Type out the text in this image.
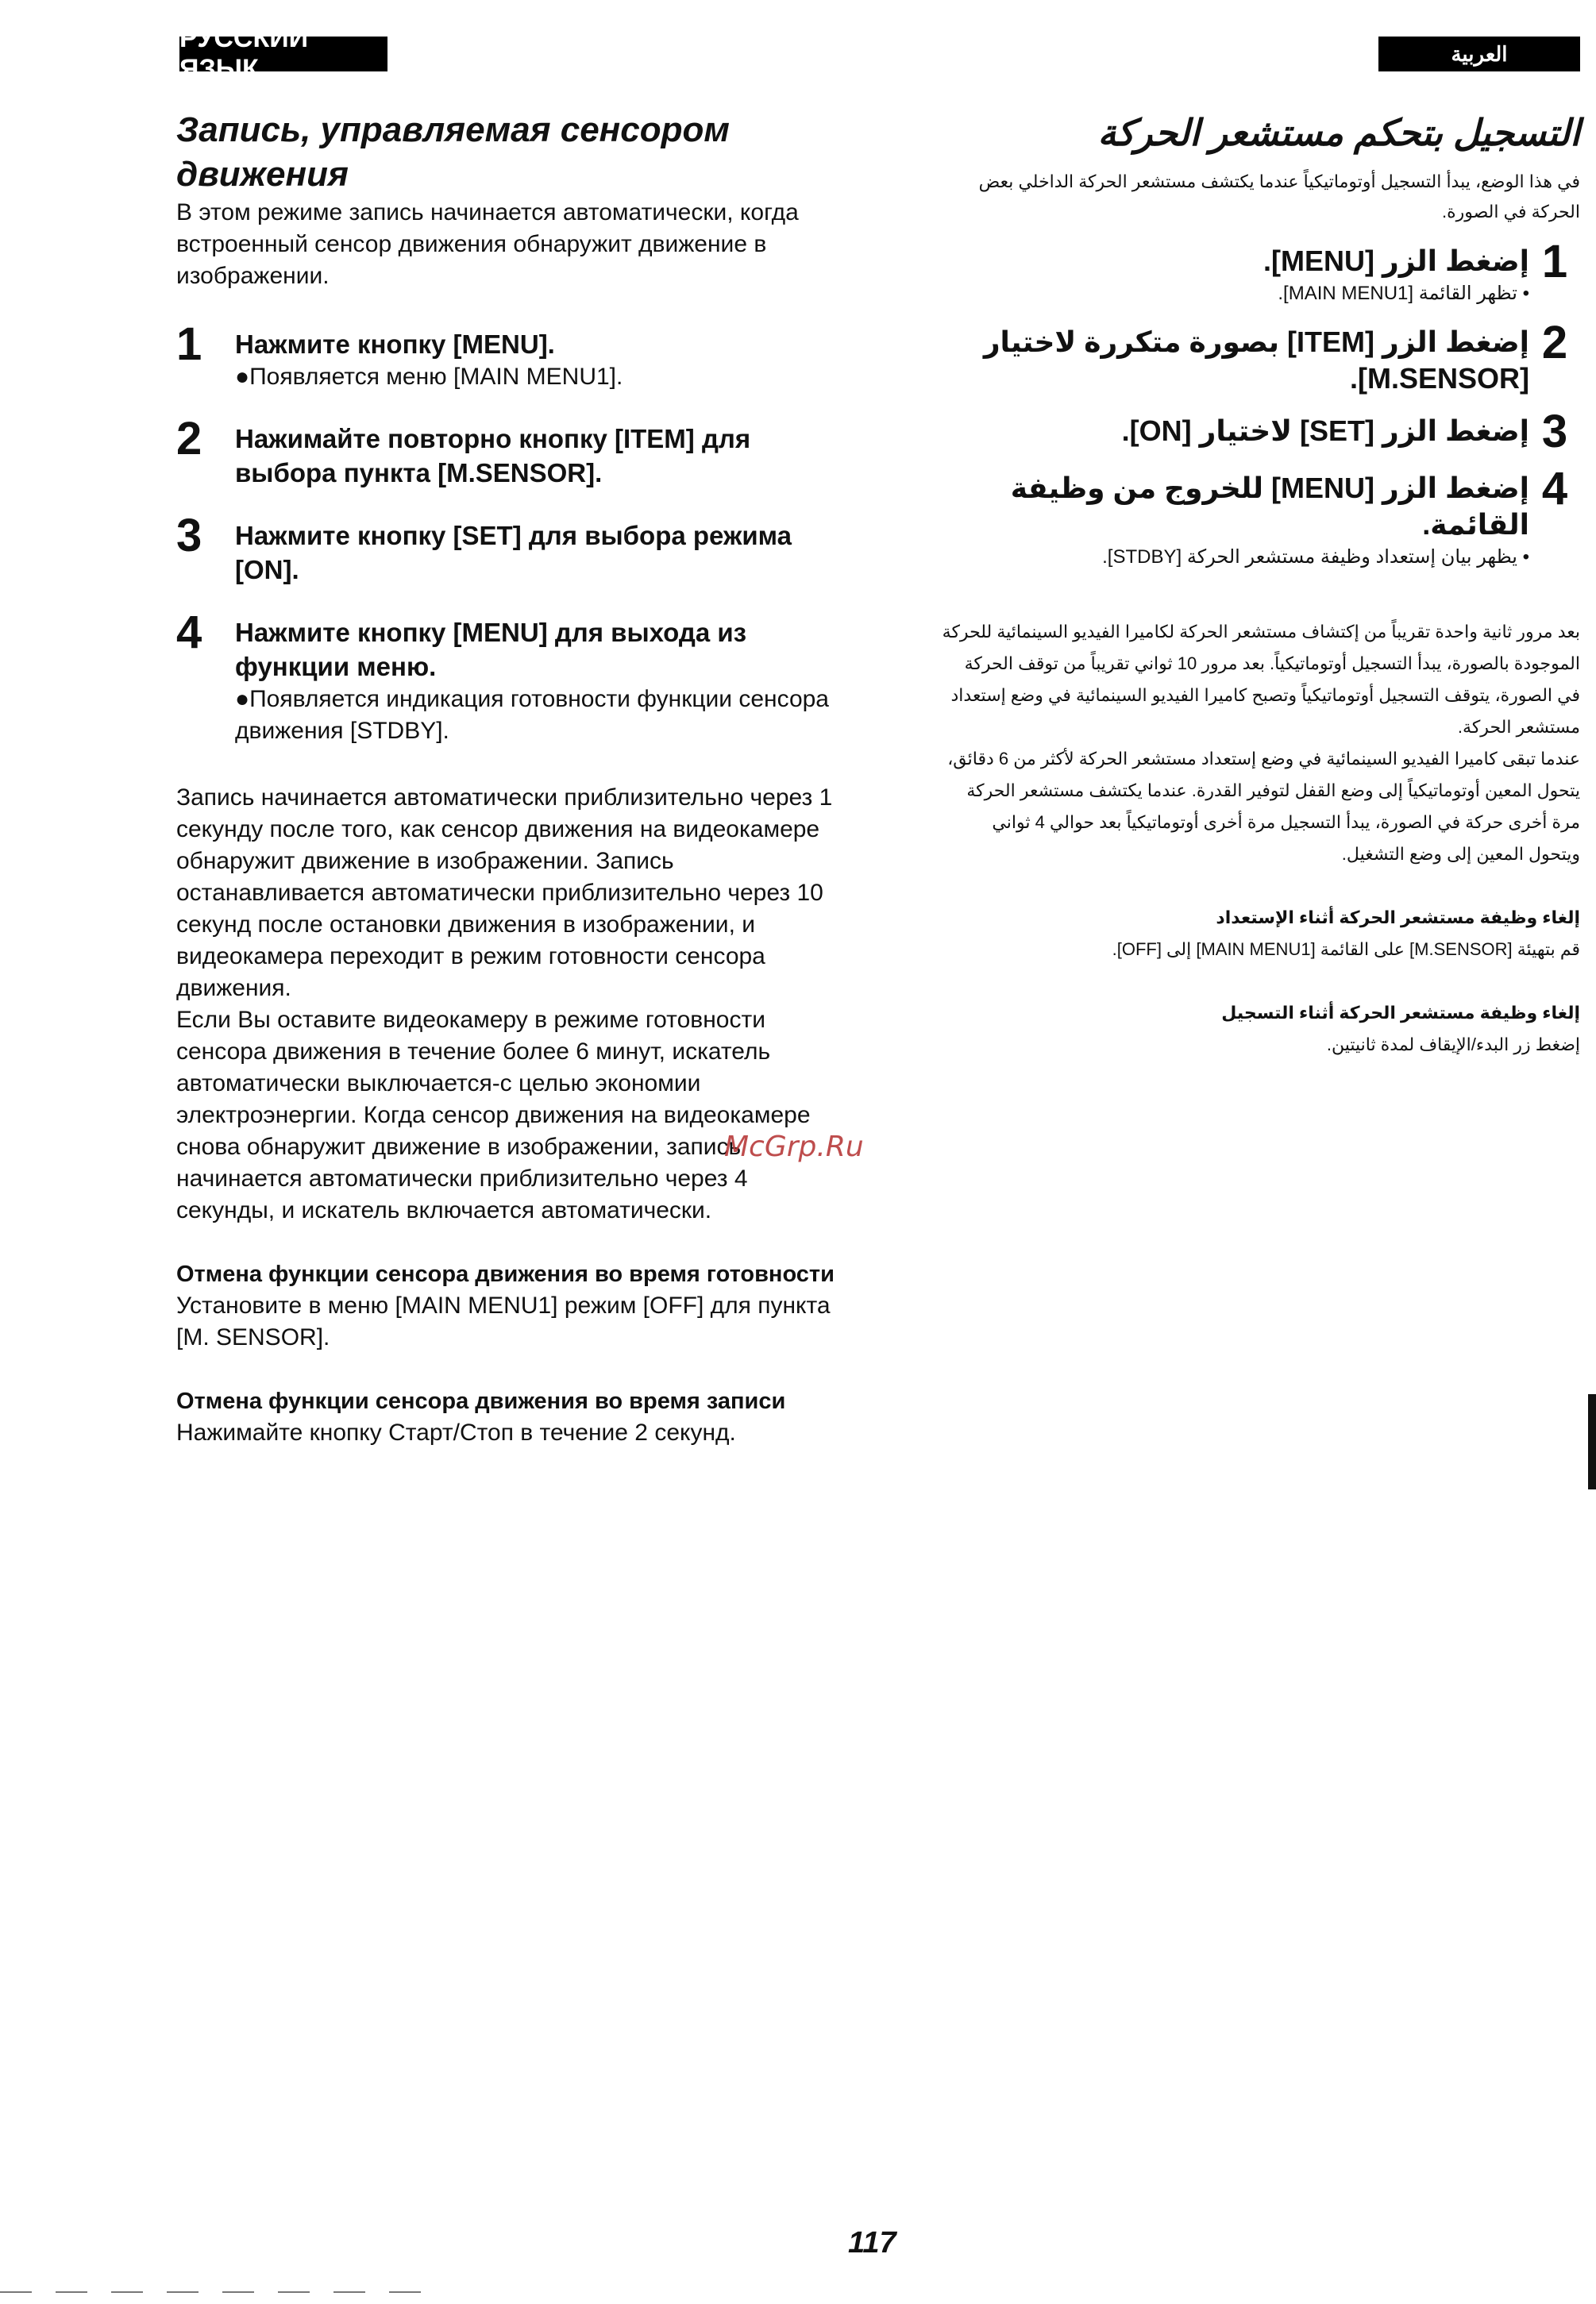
РУССКИЙ ЯЗЫК
العربية
Запись, управляемая сенсором
движения

В этом режиме запись начинается автоматически, когда встроенный сенсор движения обнаружит движение в изображении.

1	Нажмите кнопку [MENU].
●Появляется меню [MAIN MENU1].
2	Нажимайте повторно кнопку [ITEM] для выбора пункта [M.SENSOR].
3	Нажмите кнопку [SET] для выбора режима [ON].
4	Нажмите кнопку [MENU] для выхода из функции меню.
●Появляется индикация готовности функции сенсора движения [STDBY].

Запись начинается автоматически приблизительно через 1 секунду после того, как сенсор движения на видеокамере обнаружит движение в изображении. Запись останавливается автоматически приблизительно через 10 секунд после остановки движения в изображении, и видеокамера переходит в режим готовности сенсора движения.

Если Вы оставите видеокамеру в режиме готовности сенсора движения в течение более 6 минут, искатель автоматически выключается-с целью экономии электроэнергии. Когда сенсор движения на видеокамере снова обнаружит движение в изображении, запись начинается автоматически приблизительно через 4 секунды, и искатель включается автоматически.

Отмена функции сенсора движения во время готовности

Установите в меню [MAIN MENU1] режим [OFF] для пункта [M. SENSOR].

Отмена функции сенсора движения во время записи

Нажимайте кнопку Старт/Стоп в течение 2 секунд.

التسجيل بتحكم مستشعر الحركة

في هذا الوضع، يبدأ التسجيل أوتوماتيكياً عندما يكتشف مستشعر الحركة الداخلي بعض الحركة في الصورة.

1
إضغط الزر [MENU].
• تظهر القائمة [MAIN MENU1].
2
إضغط الزر [ITEM] بصورة متكررة لاختيار [M.SENSOR].
3
إضغط الزر [SET] لاختيار [ON].
4
إضغط الزر [MENU] للخروج من وظيفة القائمة.
• يظهر بيان إستعداد وظيفة مستشعر الحركة [STDBY].

بعد مرور ثانية واحدة تقريباً من إكتشاف مستشعر الحركة لكاميرا الفيديو السينمائية للحركة الموجودة بالصورة، يبدأ التسجيل أوتوماتيكياً. بعد مرور 10 ثواني تقريباً من توقف الحركة في الصورة، يتوقف التسجيل أوتوماتيكياً وتصبح كاميرا الفيديو السينمائية في وضع إستعداد مستشعر الحركة.

عندما تبقى كاميرا الفيديو السينمائية في وضع إستعداد مستشعر الحركة لأكثر من 6 دقائق، يتحول المعين أوتوماتيكياً إلى وضع القفل لتوفير القدرة. عندما يكتشف مستشعر الحركة مرة أخرى حركة في الصورة، يبدأ التسجيل مرة أخرى أوتوماتيكياً بعد حوالي 4 ثواني ويتحول المعين إلى وضع التشغيل.

إلغاء وظيفة مستشعر الحركة أثناء الإستعداد

قم بتهيئة [M.SENSOR] على القائمة [MAIN MENU1] إلى [OFF].

إلغاء وظيفة مستشعر الحركة أثناء التسجيل

إضغط زر البدء/الإيقاف لمدة ثانيتين.

McGrp.Ru
117
